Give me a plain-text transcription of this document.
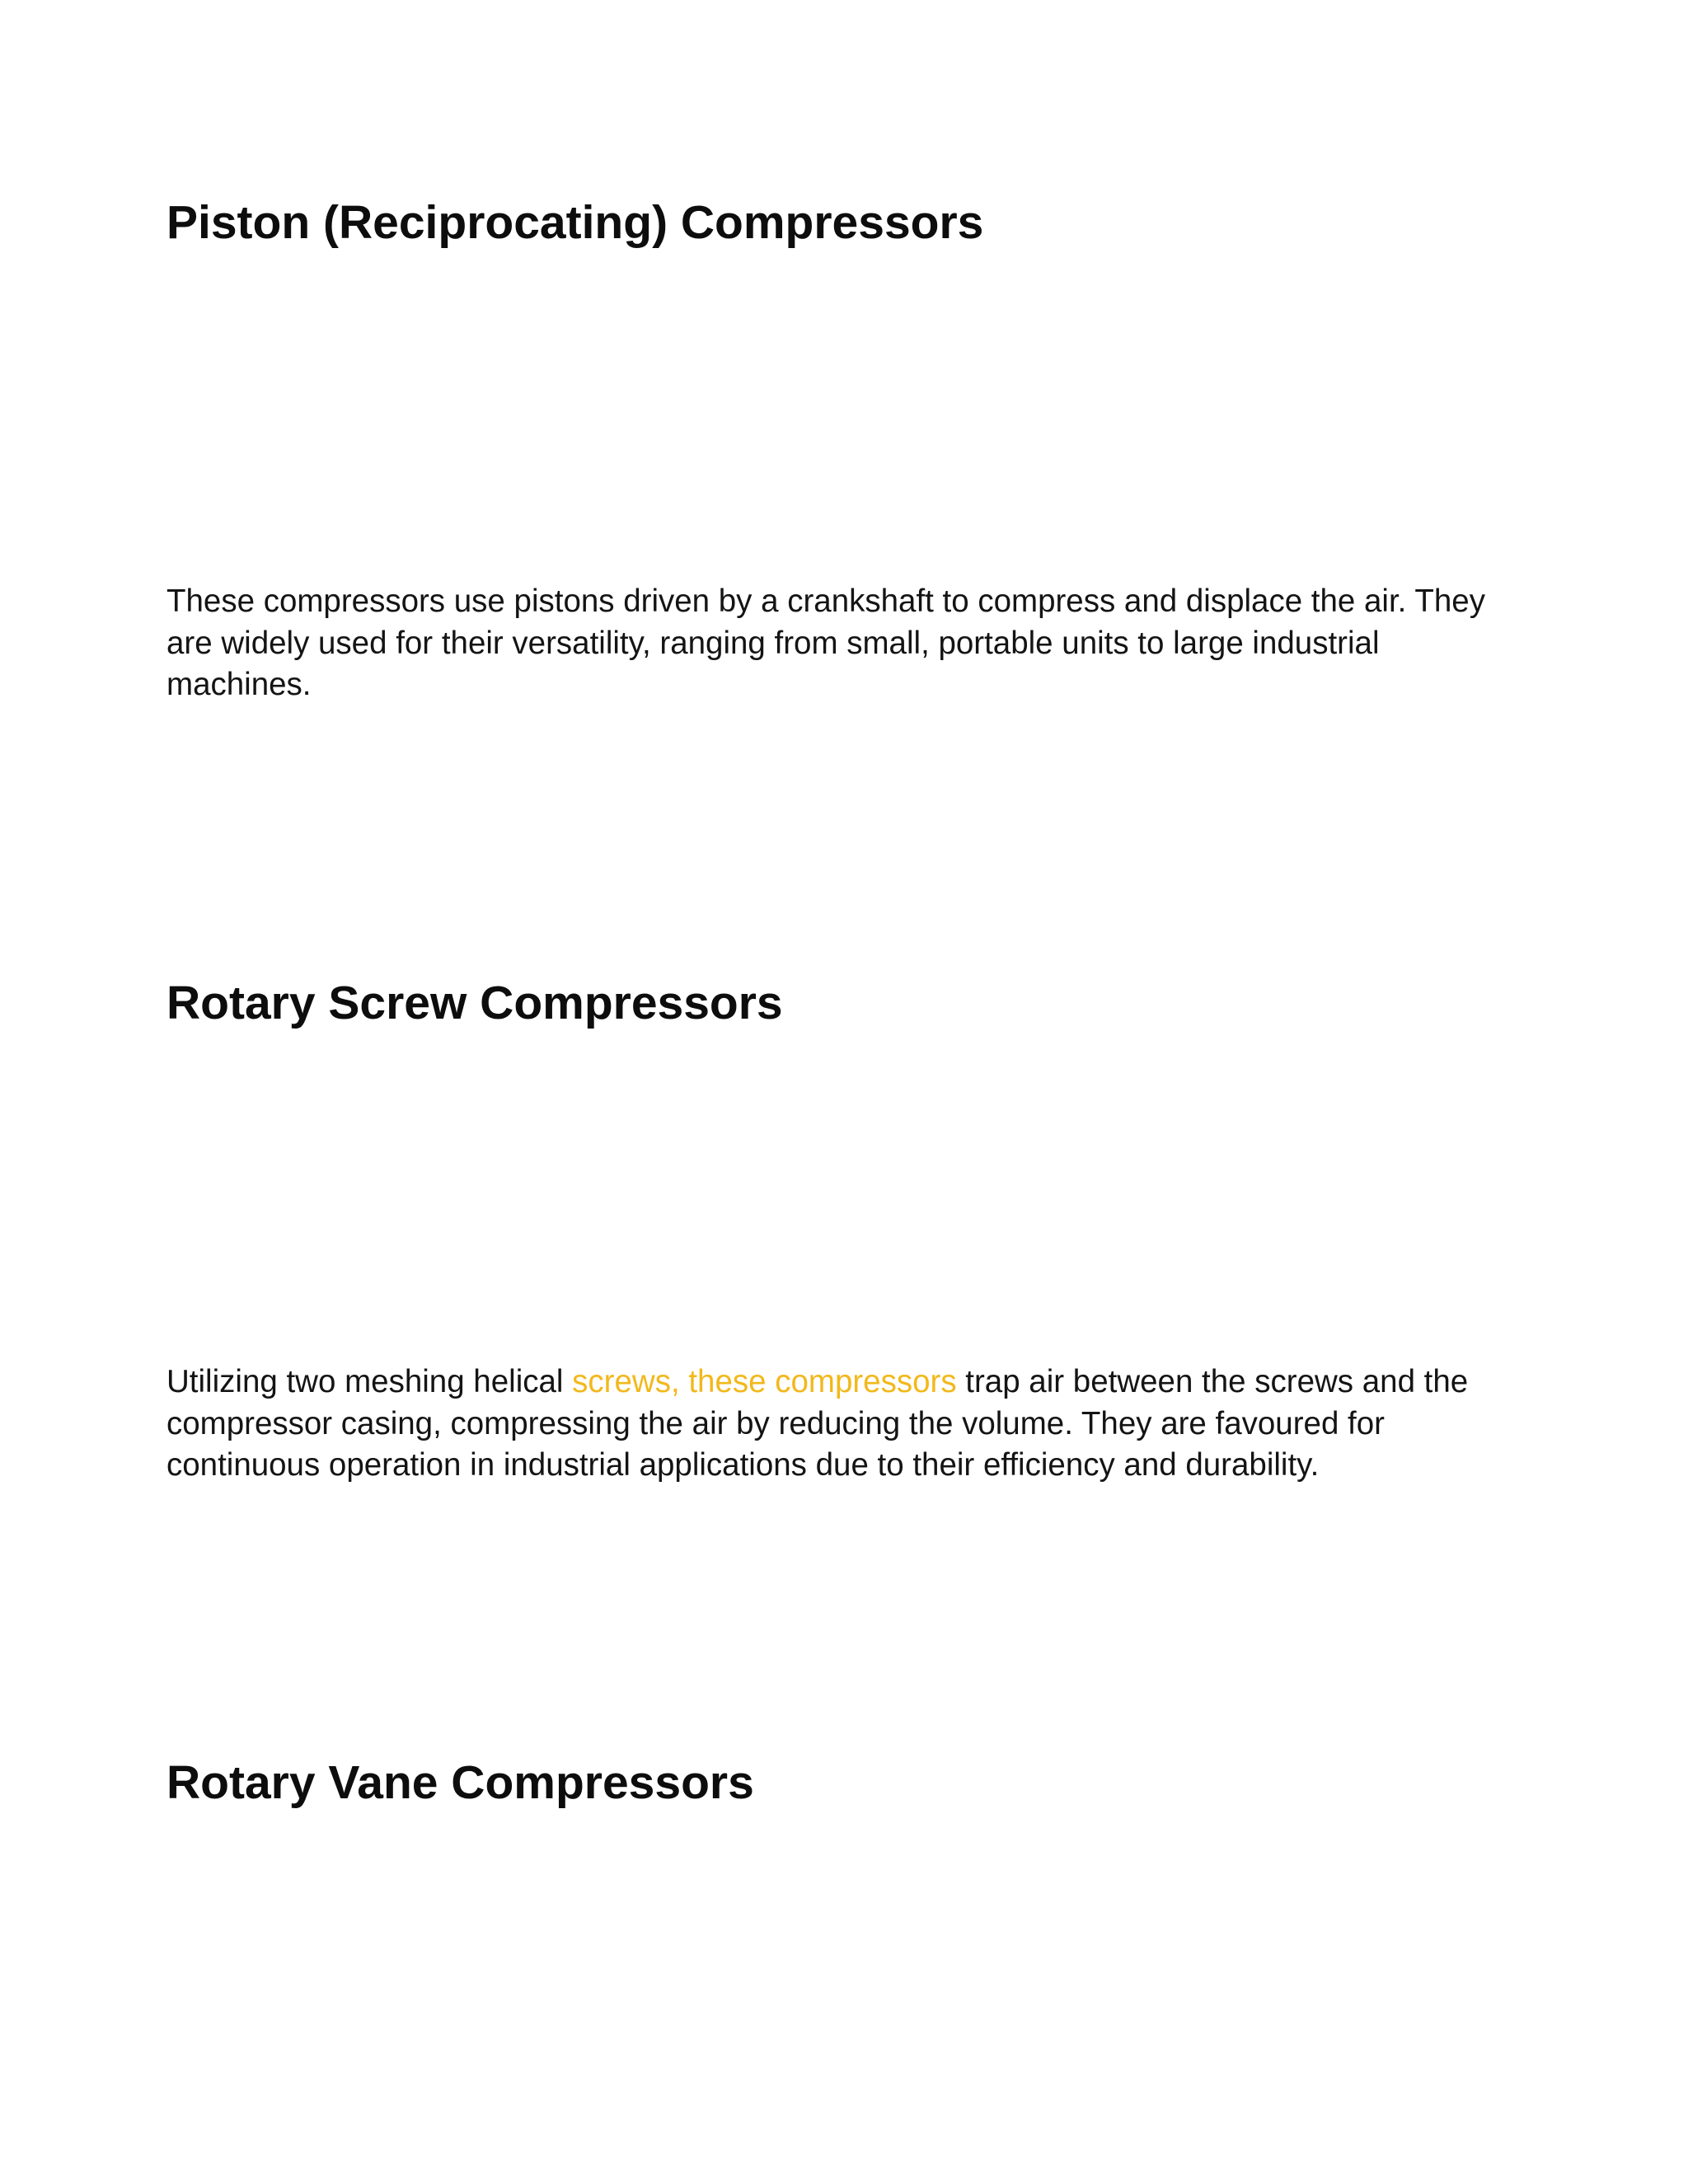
Piston (Reciprocating) Compressors

These compressors use pistons driven by a crankshaft to compress and displace the air. They are widely used for their versatility, ranging from small, portable units to large industrial machines.

Rotary Screw Compressors

Utilizing two meshing helical screws, these compressors trap air between the screws and the compressor casing, compressing the air by reducing the volume. They are favoured for continuous operation in industrial applications due to their efficiency and durability.

Rotary Vane Compressors
